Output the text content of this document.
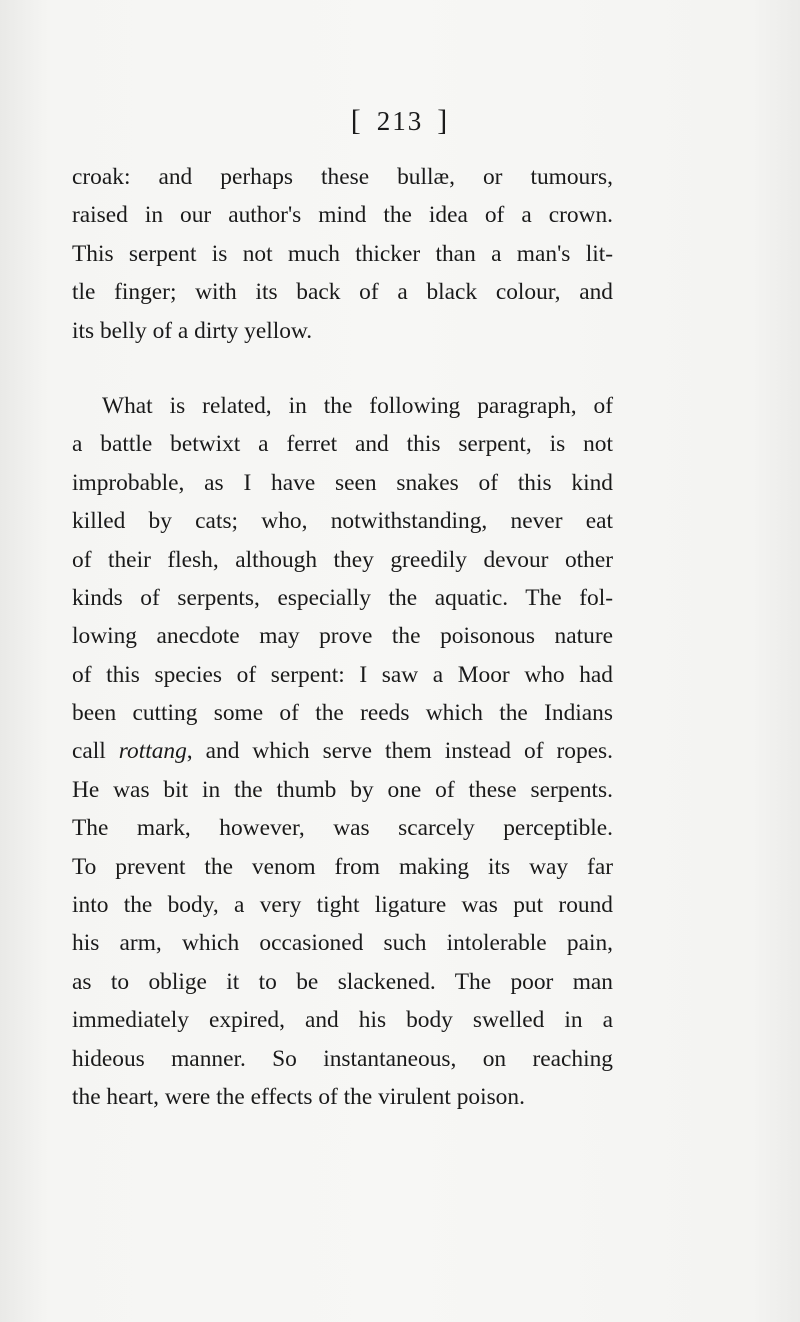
[ 213 ]
croak: and perhaps these bullæ, or tumours,
raised in our author's mind the idea of a crown.
This serpent is not much thicker than a man's lit-
tle finger; with its back of a black colour, and
its belly of a dirty yellow.
What is related, in the following paragraph, of
a battle betwixt a ferret and this serpent, is not
improbable, as I have seen snakes of this kind
killed by cats; who, notwithstanding, never eat
of their flesh, although they greedily devour other
kinds of serpents, especially the aquatic. The fol-
lowing anecdote may prove the poisonous nature
of this species of serpent: I saw a Moor who had
been cutting some of the reeds which the Indians
call rottang, and which serve them instead of ropes.
He was bit in the thumb by one of these serpents.
The mark, however, was scarcely perceptible.
To prevent the venom from making its way far
into the body, a very tight ligature was put round
his arm, which occasioned such intolerable pain,
as to oblige it to be slackened. The poor man
immediately expired, and his body swelled in a
hideous manner. So instantaneous, on reaching
the heart, were the effects of the virulent poison.
